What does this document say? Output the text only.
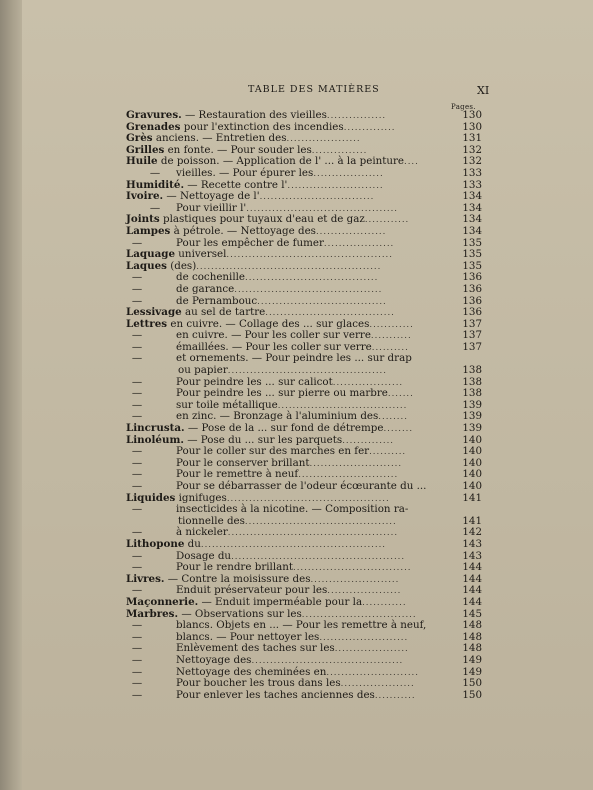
TABLE DES MATIÈRES	XI
Pages.
Gravures. — Restauration des vieilles................	130
Grenades pour l'extinction des incendies..............	130
Grès anciens. — Entretien des....................	131
Grilles en fonte. — Pour souder les...............	132
Huile de poisson. — Application de l' ... à la peinture....	132
—	vieilles. — Pour épurer les...................	133
Humidité. — Recette contre l'..........................	133
Ivoire. — Nettoyage de l'...............................	134
—	Pour vieillir l'.........................................	134
Joints plastiques pour tuyaux d'eau et de gaz............	134
Lampes à pétrole. — Nettoyage des...................	134
—	Pour les empêcher de fumer...................	135
Laquage universel.............................................	135
Laques (des)..................................................	135
—	de cochenille....................................	136
—	de garance........................................	136
—	de Pernambouc...................................	136
Lessivage au sel de tartre...................................	136
Lettres en cuivre. — Collage des ... sur glaces............	137
—	en cuivre. — Pour les coller sur verre...........	137
—	émaillées. — Pour les coller sur verre..........	137
—	et ornements. — Pour peindre les ... sur drap
ou papier...........................................	138
—	Pour peindre les ... sur calicot...................	138
—	Pour peindre les ... sur pierre ou marbre.......	138
—	sur toile métallique...................................	139
—	en zinc. — Bronzage à l'aluminium des........	139
Lincrusta. — Pose de la ... sur fond de détrempe........	139
Linoléum. — Pose du ... sur les parquets..............	140
—	Pour le coller sur des marches en fer..........	140
—	Pour le conserver brillant.........................	140
—	Pour le remettre à neuf...........................	140
—	Pour se débarrasser de l'odeur écœurante du ...	140
Liquides ignifuges............................................	141
—	insecticides à la nicotine. — Composition ra-
tionnelle des.........................................	141
—	à nickeler..............................................	142
Lithopone du..................................................	143
—	Dosage du...............................................	143
—	Pour le rendre brillant................................	144
Livres. — Contre la moisissure des........................	144
—	Enduit préservateur pour les....................	144
Maçonnerie. — Enduit imperméable pour la............	144
Marbres. — Observations sur les...............................	145
—	blancs. Objets en ... — Pour les remettre à neuf,	148
—	blancs. — Pour nettoyer les........................	148
—	Enlèvement des taches sur les....................	148
—	Nettoyage des.........................................	149
—	Nettoyage des cheminées en.........................	149
—	Pour boucher les trous dans les....................	150
—	Pour enlever les taches anciennes des...........	150
